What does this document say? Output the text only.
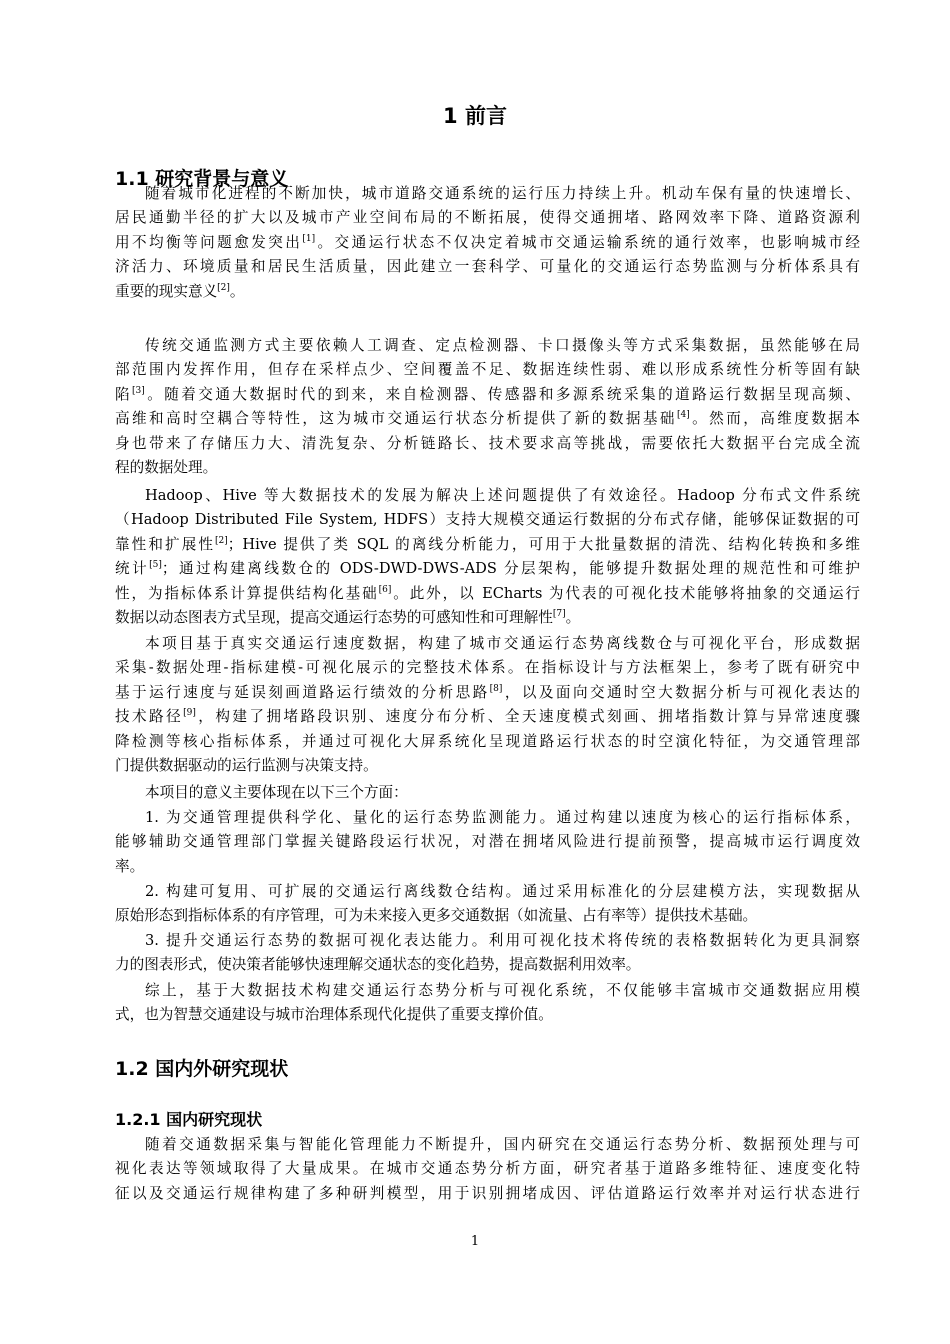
1 前言
1.1 研究背景与意义
随着城市化进程的不断加快，城市道路交通系统的运行压力持续上升。机动车保有量的快速增长、
居民通勤半径的扩大以及城市产业空间布局的不断拓展，使得交通拥堵、路网效率下降、道路资源利
用不均衡等问题愈发突出[1]。交通运行状态不仅决定着城市交通运输系统的通行效率，也影响城市经
济活力、环境质量和居民生活质量，因此建立一套科学、可量化的交通运行态势监测与分析体系具有
重要的现实意义[2]。
传统交通监测方式主要依赖人工调查、定点检测器、卡口摄像头等方式采集数据，虽然能够在局
部范围内发挥作用，但存在采样点少、空间覆盖不足、数据连续性弱、难以形成系统性分析等固有缺
陷[3]。随着交通大数据时代的到来，来自检测器、传感器和多源系统采集的道路运行数据呈现高频、
高维和高时空耦合等特性，这为城市交通运行状态分析提供了新的数据基础[4]。然而，高维度数据本
身也带来了存储压力大、清洗复杂、分析链路长、技术要求高等挑战，需要依托大数据平台完成全流
程的数据处理。
Hadoop、Hive 等大数据技术的发展为解决上述问题提供了有效途径。Hadoop 分布式文件系统
（Hadoop Distributed File System, HDFS）支持大规模交通运行数据的分布式存储，能够保证数据的可
靠性和扩展性[2]；Hive 提供了类 SQL 的离线分析能力，可用于大批量数据的清洗、结构化转换和多维
统计[5]；通过构建离线数仓的 ODS-DWD-DWS-ADS 分层架构，能够提升数据处理的规范性和可维护
性，为指标体系计算提供结构化基础[6]。此外，以 ECharts 为代表的可视化技术能够将抽象的交通运行
数据以动态图表方式呈现，提高交通运行态势的可感知性和可理解性[7]。
本项目基于真实交通运行速度数据，构建了城市交通运行态势离线数仓与可视化平台，形成数据
采集-数据处理-指标建模-可视化展示的完整技术体系。在指标设计与方法框架上，参考了既有研究中
基于运行速度与延误刻画道路运行绩效的分析思路[8]，以及面向交通时空大数据分析与可视化表达的
技术路径[9]，构建了拥堵路段识别、速度分布分析、全天速度模式刻画、拥堵指数计算与异常速度骤
降检测等核心指标体系，并通过可视化大屏系统化呈现道路运行状态的时空演化特征，为交通管理部
门提供数据驱动的运行监测与决策支持。
本项目的意义主要体现在以下三个方面：
1. 为交通管理提供科学化、量化的运行态势监测能力。通过构建以速度为核心的运行指标体系，
能够辅助交通管理部门掌握关键路段运行状况，对潜在拥堵风险进行提前预警，提高城市运行调度效
率。
2. 构建可复用、可扩展的交通运行离线数仓结构。通过采用标准化的分层建模方法，实现数据从
原始形态到指标体系的有序管理，可为未来接入更多交通数据（如流量、占有率等）提供技术基础。
3. 提升交通运行态势的数据可视化表达能力。利用可视化技术将传统的表格数据转化为更具洞察
力的图表形式，使决策者能够快速理解交通状态的变化趋势，提高数据利用效率。
综上，基于大数据技术构建交通运行态势分析与可视化系统，不仅能够丰富城市交通数据应用模
式，也为智慧交通建设与城市治理体系现代化提供了重要支撑价值。
1.2 国内外研究现状
1.2.1 国内研究现状
随着交通数据采集与智能化管理能力不断提升，国内研究在交通运行态势分析、数据预处理与可
视化表达等领域取得了大量成果。在城市交通态势分析方面，研究者基于道路多维特征、速度变化特
征以及交通运行规律构建了多种研判模型，用于识别拥堵成因、评估道路运行效率并对运行状态进行
1
